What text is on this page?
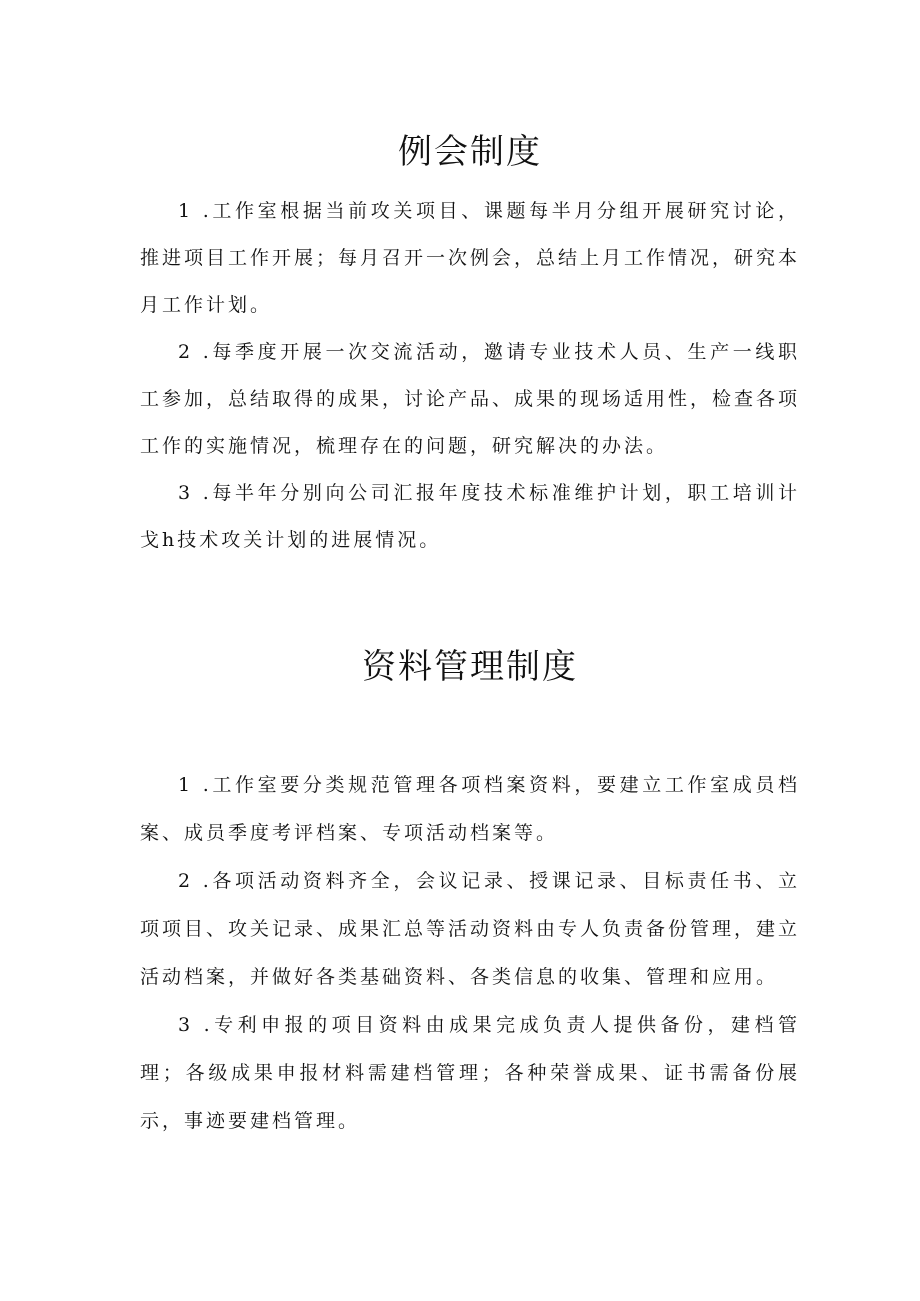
例会制度

1 .工作室根据当前攻关项目、课题每半月分组开展研究讨论，推进项目工作开展；每月召开一次例会，总结上月工作情况，研究本月工作计划。

2 .每季度开展一次交流活动，邀请专业技术人员、生产一线职工参加，总结取得的成果，讨论产品、成果的现场适用性，检查各项工作的实施情况，梳理存在的问题，研究解决的办法。

3 .每半年分别向公司汇报年度技术标准维护计划，职工培训计戈h技术攻关计划的进展情况。

资料管理制度

1 .工作室要分类规范管理各项档案资料，要建立工作室成员档案、成员季度考评档案、专项活动档案等。

2 .各项活动资料齐全，会议记录、授课记录、目标责任书、立项项目、攻关记录、成果汇总等活动资料由专人负责备份管理，建立活动档案，并做好各类基础资料、各类信息的收集、管理和应用。

3 .专利申报的项目资料由成果完成负责人提供备份，建档管理；各级成果申报材料需建档管理；各种荣誉成果、证书需备份展示，事迹要建档管理。
